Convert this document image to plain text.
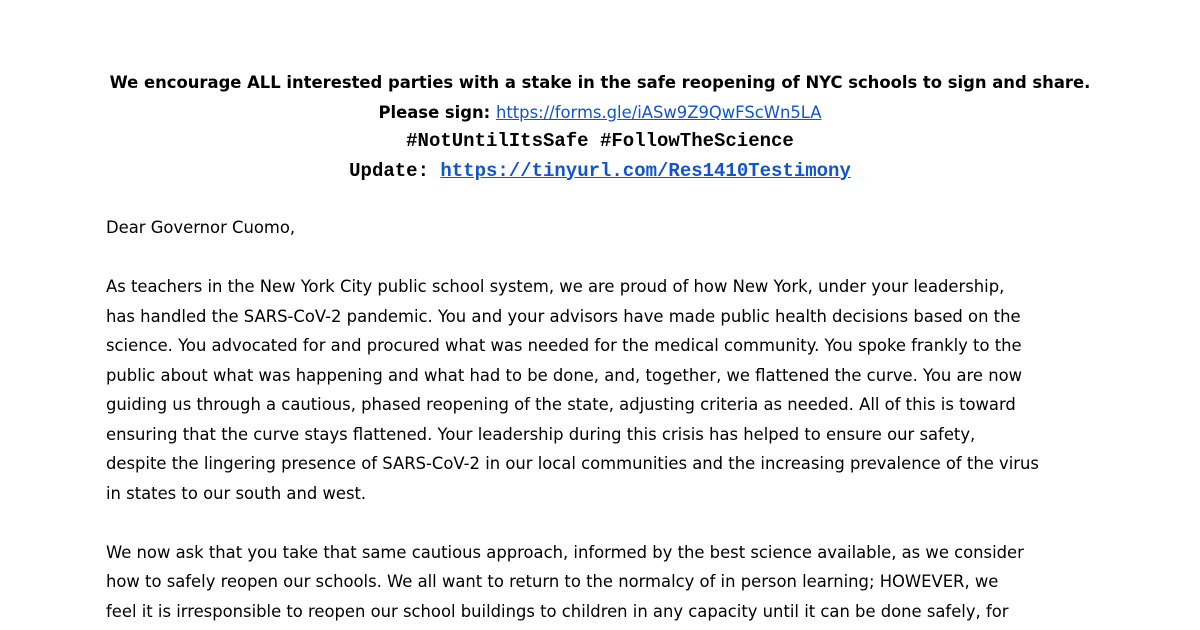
We encourage ALL interested parties with a stake in the safe reopening of NYC schools to sign and share.
Please sign: https://forms.gle/iASw9Z9QwFScWn5LA
#NotUntilItsSafe #FollowTheScience
Update: https://tinyurl.com/Res1410Testimony
Dear Governor Cuomo,
As teachers in the New York City public school system, we are proud of how New York, under your leadership,
has handled the SARS-CoV-2 pandemic. You and your advisors have made public health decisions based on the
science. You advocated for and procured what was needed for the medical community. You spoke frankly to the
public about what was happening and what had to be done, and, together, we flattened the curve. You are now
guiding us through a cautious, phased reopening of the state, adjusting criteria as needed. All of this is toward
ensuring that the curve stays flattened. Your leadership during this crisis has helped to ensure our safety,
despite the lingering presence of SARS-CoV-2 in our local communities and the increasing prevalence of the virus
in states to our south and west.
We now ask that you take that same cautious approach, informed by the best science available, as we consider
how to safely reopen our schools. We all want to return to the normalcy of in person learning; HOWEVER, we
feel it is irresponsible to reopen our school buildings to children in any capacity until it can be done safely, for
